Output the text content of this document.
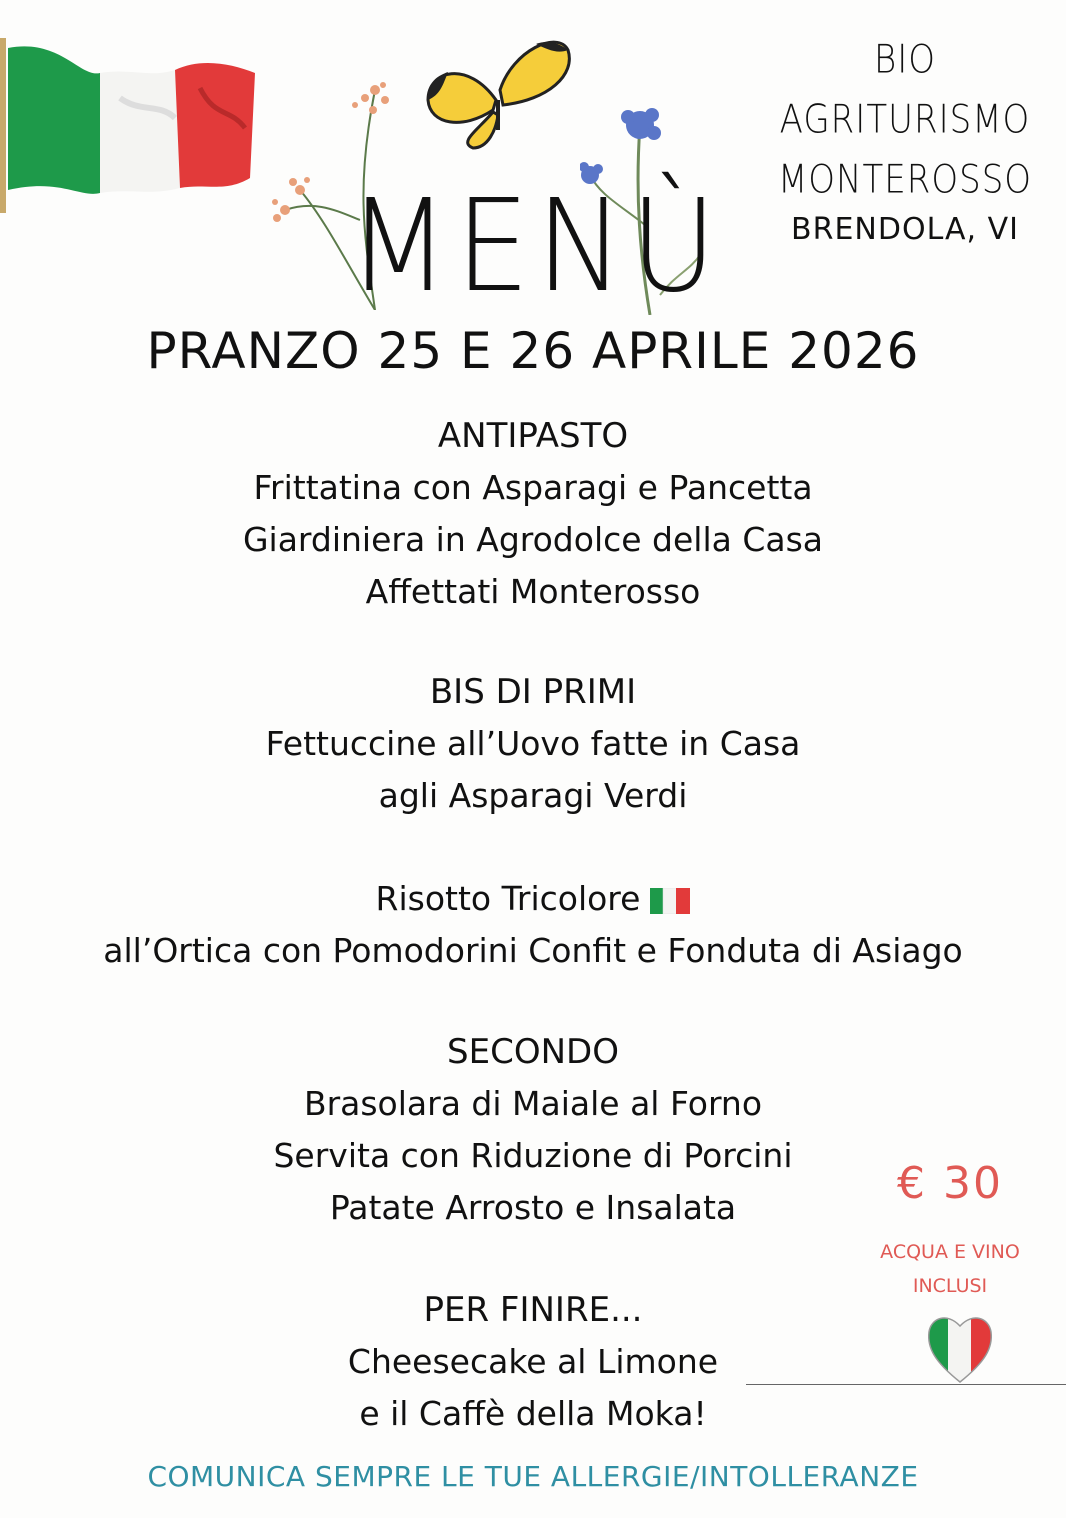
MENÙ
BIO
AGRITURISMO
MONTEROSSO
BRENDOLA, VI
PRANZO 25 E 26 APRILE 2026
ANTIPASTO
Frittatina con Asparagi e Pancetta
Giardiniera in Agrodolce della Casa
Affettati Monterosso
BIS DI PRIMI
Fettuccine all’Uovo fatte in Casa
agli Asparagi Verdi
Risotto Tricolore
all’Ortica con Pomodorini Confit e Fonduta di Asiago
SECONDO
Brasolara di Maiale al Forno
Servita con Riduzione di Porcini
Patate Arrosto e Insalata
PER FINIRE...
Cheesecake al Limone
e il Caffè della Moka!
€ 30
ACQUA E VINO
INCLUSI
COMUNICA SEMPRE LE TUE ALLERGIE/INTOLLERANZE
